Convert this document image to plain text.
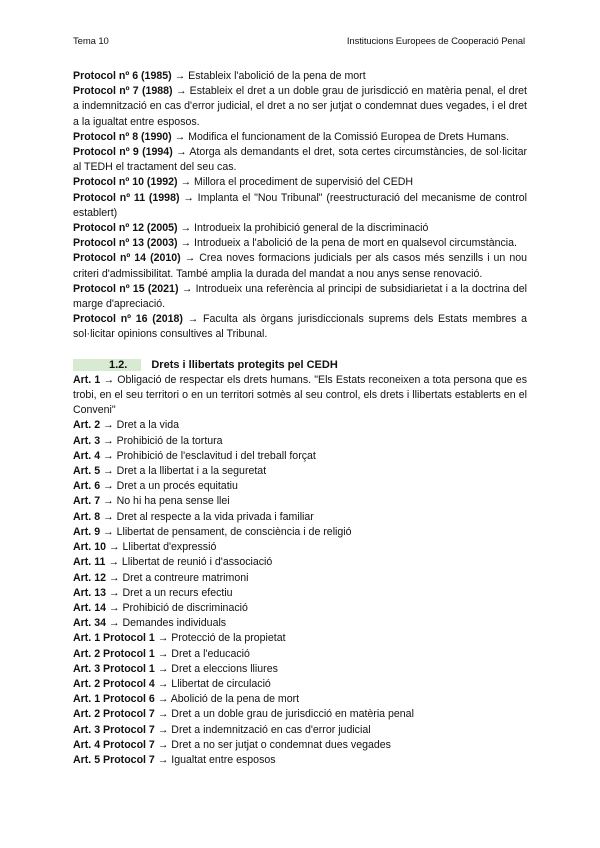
Tema 10	Institucions Europees de Cooperació Penal

Protocol nº 6 (1985) → Estableix l'abolició de la pena de mort

Protocol nº 7 (1988) → Estableix el dret a un doble grau de jurisdicció en matèria penal, el dret a indemnització en cas d'error judicial, el dret a no ser jutjat o condemnat dues vegades, i el dret a la igualtat entre esposos.

Protocol nº 8 (1990) → Modifica el funcionament de la Comissió Europea de Drets Humans.

Protocol nº 9 (1994) → Atorga als demandants el dret, sota certes circumstàncies, de sol·licitar al TEDH el tractament del seu cas.

Protocol nº 10 (1992) → Millora el procediment de supervisió del CEDH

Protocol nº 11 (1998) → Implanta el "Nou Tribunal" (reestructuració del mecanisme de control establert)

Protocol nº 12 (2005) → Introdueix la prohibició general de la discriminació

Protocol nº 13 (2003) → Introdueix a l'abolició de la pena de mort en qualsevol circumstància.

Protocol nº 14 (2010) → Crea noves formacions judicials per als casos més senzills i un nou criteri d'admissibilitat. També amplia la durada del mandat a nou anys sense renovació.

Protocol nº 15 (2021) → Introdueix una referència al principi de subsidiarietat i a la doctrina del marge d'apreciació.

Protocol nº 16 (2018) → Faculta als òrgans jurisdiccionals suprems dels Estats membres a sol·licitar opinions consultives al Tribunal.

1.2. Drets i llibertats protegits pel CEDH

Art. 1 → Obligació de respectar els drets humans. "Els Estats reconeixen a tota persona que es trobi, en el seu territori o en un territori sotmès al seu control, els drets i llibertats establerts en el Conveni"

Art. 2 → Dret a la vida

Art. 3 → Prohibició de la tortura

Art. 4 → Prohibició de l'esclavitud i del treball forçat

Art. 5 → Dret a la llibertat i a la seguretat

Art. 6 → Dret a un procés equitatiu

Art. 7 → No hi ha pena sense llei

Art. 8 → Dret al respecte a la vida privada i familiar

Art. 9 → Llibertat de pensament, de consciència i de religió

Art. 10 → Llibertat d'expressió

Art. 11 → Llibertat de reunió i d'associació

Art. 12 → Dret a contreure matrimoni

Art. 13 → Dret a un recurs efectiu

Art. 14 → Prohibició de discriminació

Art. 34 → Demandes individuals

Art. 1 Protocol 1 → Protecció de la propietat

Art. 2 Protocol 1 → Dret a l'educació

Art. 3 Protocol 1 → Dret a eleccions lliures

Art. 2 Protocol 4 → Llibertat de circulació

Art. 1 Protocol 6 → Abolició de la pena de mort

Art. 2 Protocol 7 → Dret a un doble grau de jurisdicció en matèria penal

Art. 3 Protocol 7 → Dret a indemnització en cas d'error judicial

Art. 4 Protocol 7 → Dret a no ser jutjat o condemnat dues vegades

Art. 5 Protocol 7 → Igualtat entre esposos
